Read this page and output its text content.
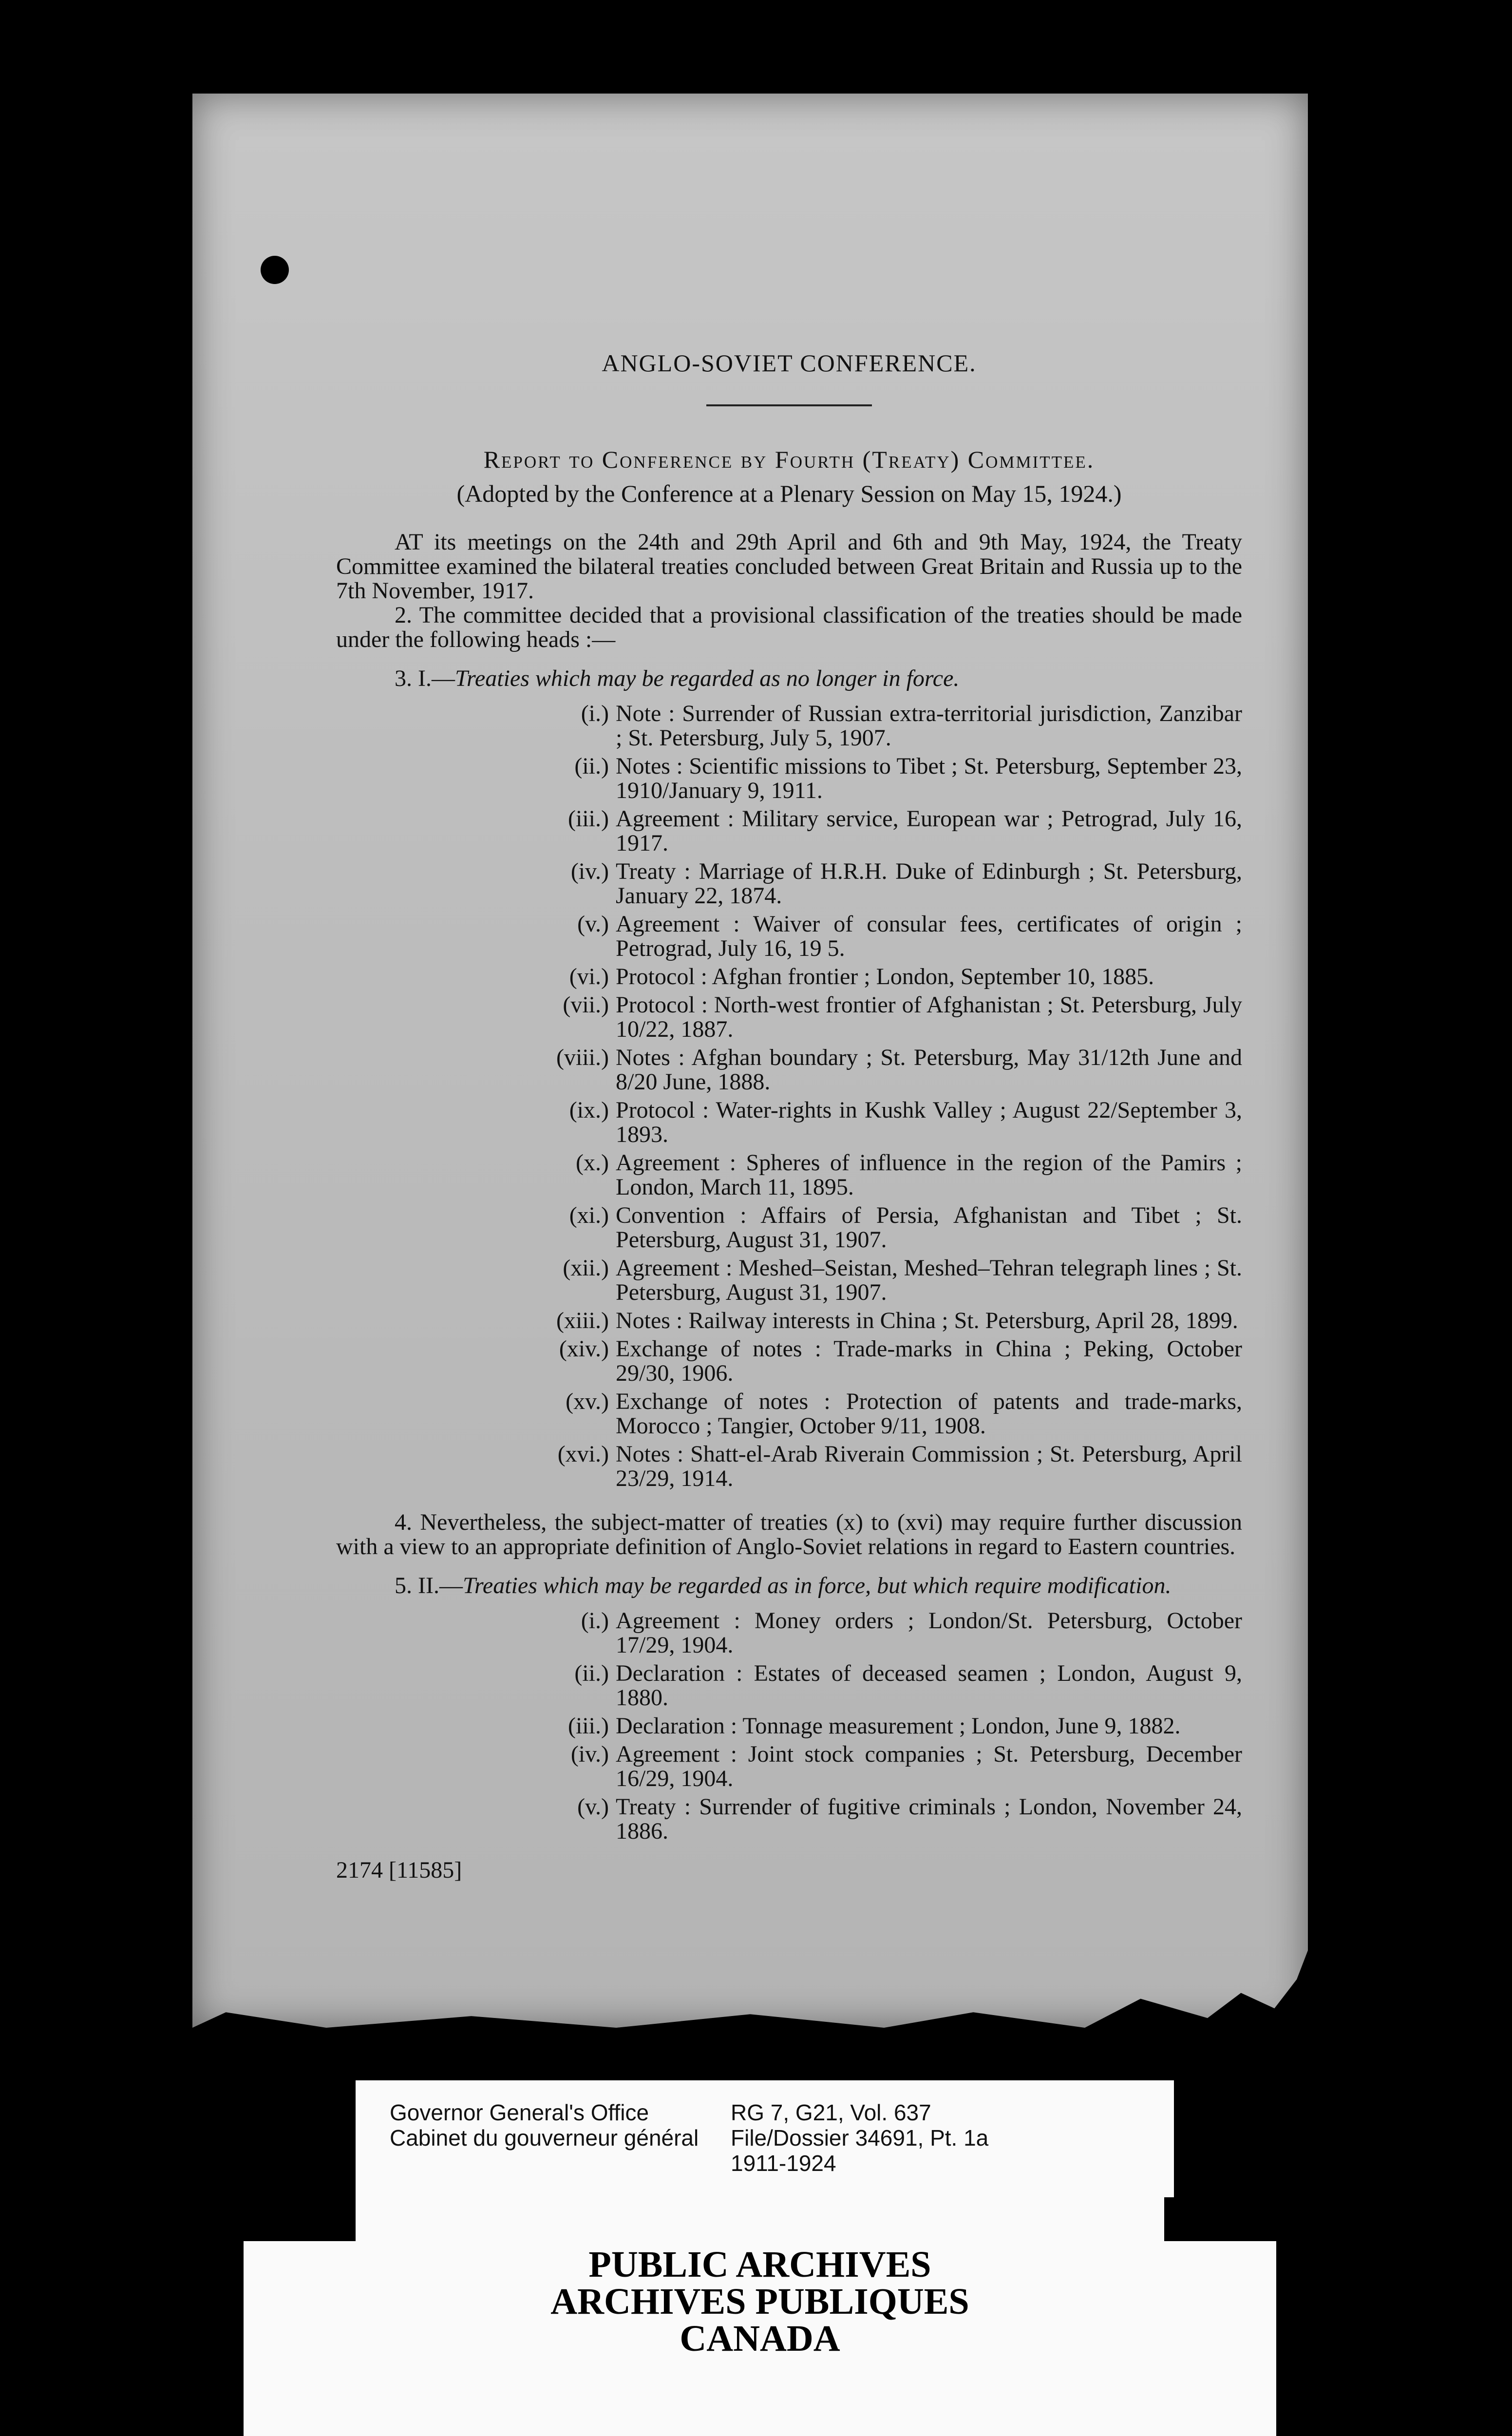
ANGLO-SOVIET CONFERENCE.
Report to Conference by Fourth (Treaty) Committee.
(Adopted by the Conference at a Plenary Session on May 15, 1924.)

AT its meetings on the 24th and 29th April and 6th and 9th May, 1924, the Treaty Committee examined the bilateral treaties concluded between Great Britain and Russia up to the 7th November, 1917.

2. The committee decided that a provisional classification of the treaties should be made under the following heads :—

3. I.—Treaties which may be regarded as no longer in force.
(i.) Note : Surrender of Russian extra-territorial jurisdiction, Zanzibar ; St. Petersburg, July 5, 1907.
(ii.) Notes : Scientific missions to Tibet ; St. Petersburg, September 23, 1910/January 9, 1911.
(iii.) Agreement : Military service, European war ; Petrograd, July 16, 1917.
(iv.) Treaty : Marriage of H.R.H. Duke of Edinburgh ; St. Petersburg, January 22, 1874.
(v.) Agreement : Waiver of consular fees, certificates of origin ; Petrograd, July 16, 19 5.
(vi.) Protocol : Afghan frontier ; London, September 10, 1885.
(vii.) Protocol : North-west frontier of Afghanistan ; St. Petersburg, July 10/22, 1887.
(viii.) Notes : Afghan boundary ; St. Petersburg, May 31/12th June and 8/20 June, 1888.
(ix.) Protocol : Water-rights in Kushk Valley ; August 22/September 3, 1893.
(x.) Agreement : Spheres of influence in the region of the Pamirs ; London, March 11, 1895.
(xi.) Convention : Affairs of Persia, Afghanistan and Tibet ; St. Petersburg, August 31, 1907.
(xii.) Agreement : Meshed–Seistan, Meshed–Tehran telegraph lines ; St. Petersburg, August 31, 1907.
(xiii.) Notes : Railway interests in China ; St. Petersburg, April 28, 1899.
(xiv.) Exchange of notes : Trade-marks in China ; Peking, October 29/30, 1906.
(xv.) Exchange of notes : Protection of patents and trade-marks, Morocco ; Tangier, October 9/11, 1908.
(xvi.) Notes : Shatt-el-Arab Riverain Commission ; St. Petersburg, April 23/29, 1914.

4. Nevertheless, the subject-matter of treaties (x) to (xvi) may require further discussion with a view to an appropriate definition of Anglo-Soviet relations in regard to Eastern countries.

5. II.—Treaties which may be regarded as in force, but which require modification.
(i.) Agreement : Money orders ; London/St. Petersburg, October 17/29, 1904.
(ii.) Declaration : Estates of deceased seamen ; London, August 9, 1880.
(iii.) Declaration : Tonnage measurement ; London, June 9, 1882.
(iv.) Agreement : Joint stock companies ; St. Petersburg, December 16/29, 1904.
(v.) Treaty : Surrender of fugitive criminals ; London, November 24, 1886.
2174 [11585]
Governor General's Office
Cabinet du gouverneur général
RG 7, G21, Vol. 637
File/Dossier 34691, Pt. 1a
1911-1924
PUBLIC ARCHIVES
ARCHIVES PUBLIQUES
CANADA
